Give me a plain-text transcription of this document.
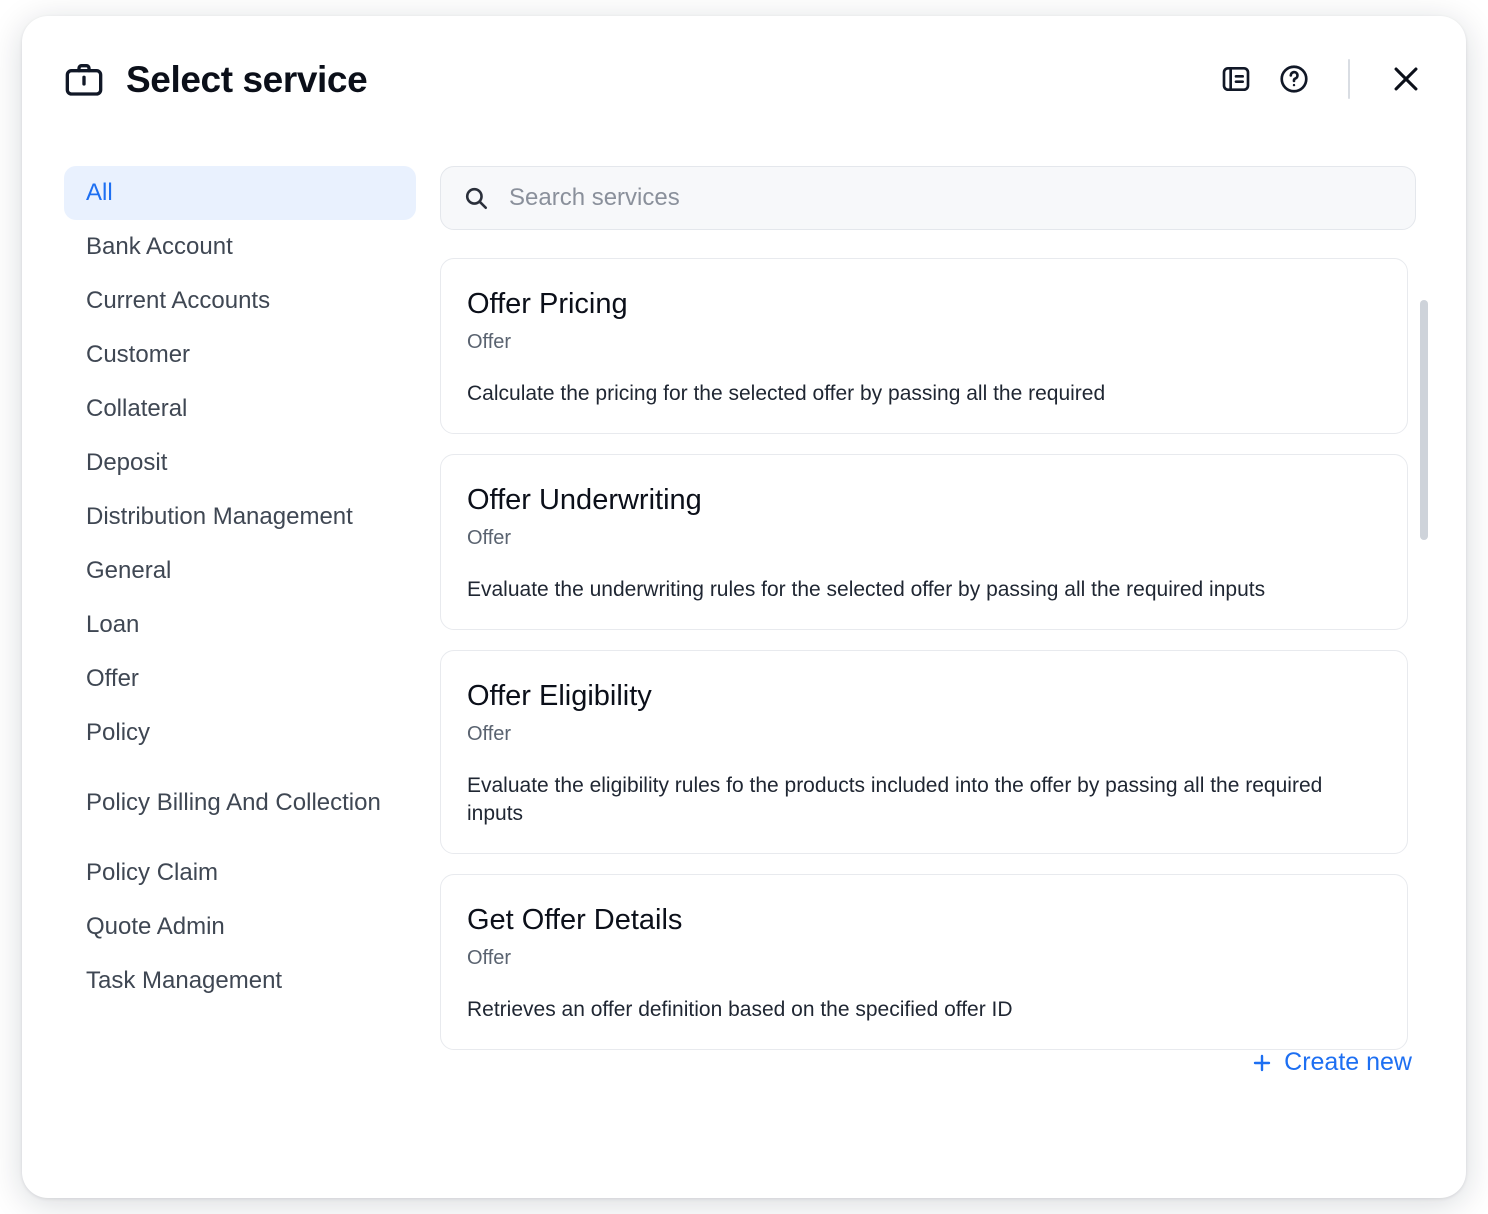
Select service
All
Bank Account
Current Accounts
Customer
Collateral
Deposit
Distribution Management
General
Loan
Offer
Policy
Policy Billing And Collection
Policy Claim
Quote Admin
Task Management
Search services
Offer Pricing
Offer
Calculate the pricing for the selected offer by passing all the required
Offer Underwriting
Offer
Evaluate the underwriting rules for the selected offer by passing all the required inputs
Offer Eligibility
Offer
Evaluate the eligibility rules fo the products included into the offer by passing all the required inputs
Get Offer Details
Offer
Retrieves an offer definition based on the specified offer ID
Create new
